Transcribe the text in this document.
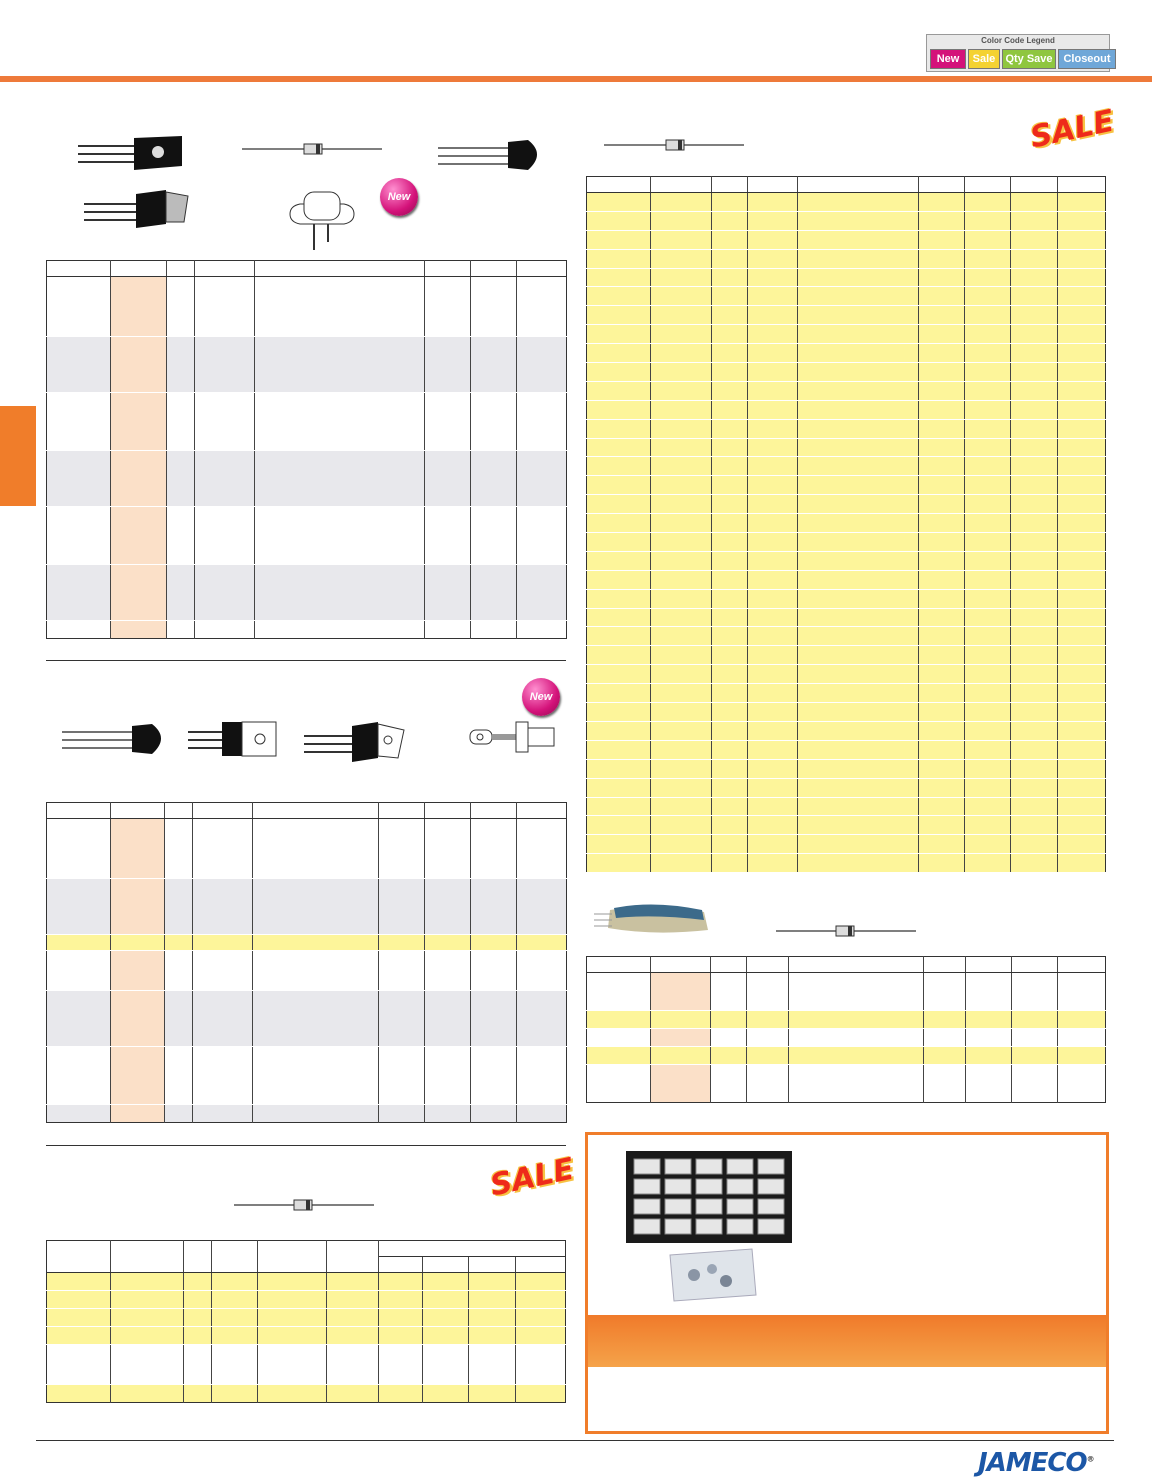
Color Code Legend
New	Sale Qty Save Closeout
New

New

SALE

SALE

JAMECO®
